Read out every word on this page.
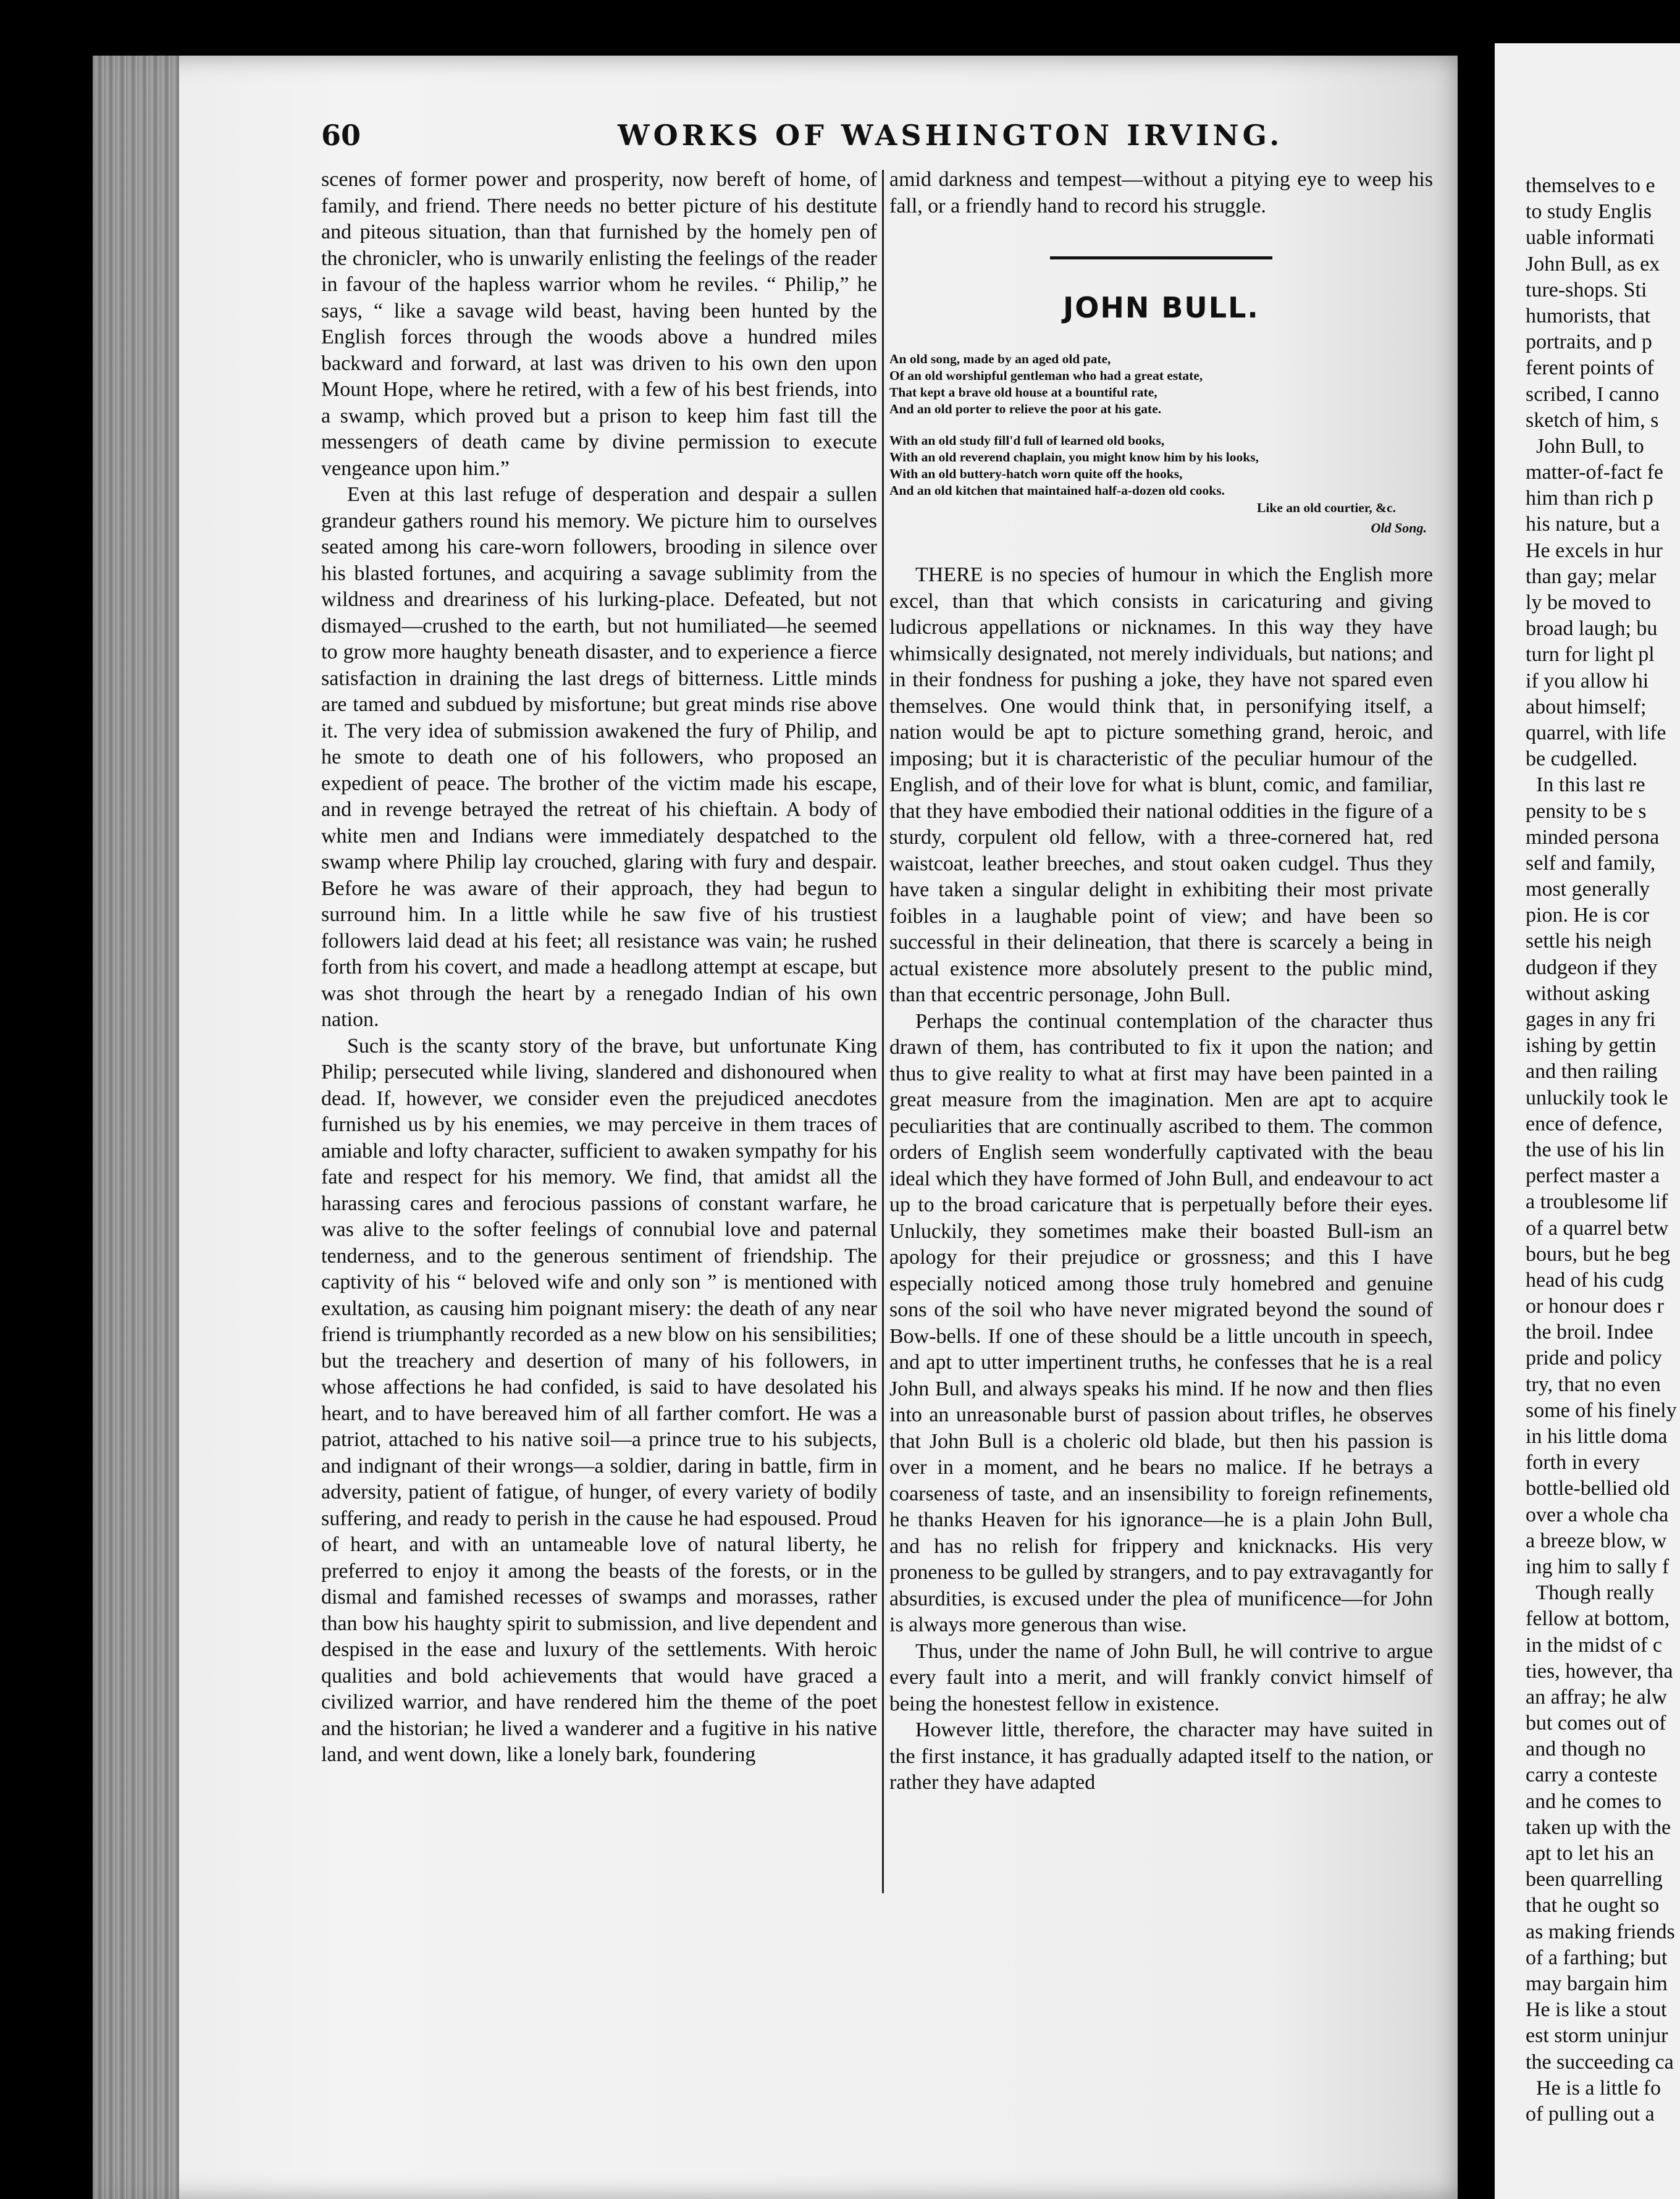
60	WORKS OF WASHINGTON IRVING.

scenes of former power and prosperity, now bereft of home, of family, and friend. There needs no better picture of his destitute and piteous situation, than that furnished by the homely pen of the chronicler, who is unwarily enlisting the feelings of the reader in favour of the hapless warrior whom he reviles. “ Philip,” he says, “ like a savage wild beast, having been hunted by the English forces through the woods above a hundred miles backward and forward, at last was driven to his own den upon Mount Hope, where he retired, with a few of his best friends, into a swamp, which proved but a prison to keep him fast till the messengers of death came by divine permission to execute vengeance upon him.”

Even at this last refuge of desperation and despair a sullen grandeur gathers round his memory. We picture him to ourselves seated among his care-worn followers, brooding in silence over his blasted fortunes, and acquiring a savage sublimity from the wildness and dreariness of his lurking-place. Defeated, but not dismayed—crushed to the earth, but not humiliated—he seemed to grow more haughty beneath disaster, and to experience a fierce satisfaction in draining the last dregs of bitterness. Little minds are tamed and subdued by misfortune; but great minds rise above it. The very idea of submission awakened the fury of Philip, and he smote to death one of his followers, who proposed an expedient of peace. The brother of the victim made his escape, and in revenge betrayed the retreat of his chieftain. A body of white men and Indians were immediately despatched to the swamp where Philip lay crouched, glaring with fury and despair. Before he was aware of their approach, they had begun to surround him. In a little while he saw five of his trustiest followers laid dead at his feet; all resistance was vain; he rushed forth from his covert, and made a headlong attempt at escape, but was shot through the heart by a renegado Indian of his own nation.

Such is the scanty story of the brave, but unfortunate King Philip; persecuted while living, slandered and dishonoured when dead. If, however, we consider even the prejudiced anecdotes furnished us by his enemies, we may perceive in them traces of amiable and lofty character, sufficient to awaken sympathy for his fate and respect for his memory. We find, that amidst all the harassing cares and ferocious passions of constant warfare, he was alive to the softer feelings of connubial love and paternal tenderness, and to the generous sentiment of friendship. The captivity of his “ beloved wife and only son ” is mentioned with exultation, as causing him poignant misery: the death of any near friend is triumphantly recorded as a new blow on his sensibilities; but the treachery and desertion of many of his followers, in whose affections he had confided, is said to have desolated his heart, and to have bereaved him of all farther comfort. He was a patriot, attached to his native soil—a prince true to his subjects, and indignant of their wrongs—a soldier, daring in battle, firm in adversity, patient of fatigue, of hunger, of every variety of bodily suffering, and ready to perish in the cause he had espoused. Proud of heart, and with an untameable love of natural liberty, he preferred to enjoy it among the beasts of the forests, or in the dismal and famished recesses of swamps and morasses, rather than bow his haughty spirit to submission, and live dependent and despised in the ease and luxury of the settlements. With heroic qualities and bold achievements that would have graced a civilized warrior, and have rendered him the theme of the poet and the historian; he lived a wanderer and a fugitive in his native land, and went down, like a lonely bark, foundering

amid darkness and tempest—without a pitying eye to weep his fall, or a friendly hand to record his struggle.

JOHN BULL.

An old song, made by an aged old pate,

Of an old worshipful gentleman who had a great estate,

That kept a brave old house at a bountiful rate,

And an old porter to relieve the poor at his gate.

With an old study fill'd full of learned old books,

With an old reverend chaplain, you might know him by his looks,

With an old buttery-hatch worn quite off the hooks,

And an old kitchen that maintained half-a-dozen old cooks.

Like an old courtier, &c.

Old Song.

THERE is no species of humour in which the English more excel, than that which consists in caricaturing and giving ludicrous appellations or nicknames. In this way they have whimsically designated, not merely individuals, but nations; and in their fondness for pushing a joke, they have not spared even themselves. One would think that, in personifying itself, a nation would be apt to picture something grand, heroic, and imposing; but it is characteristic of the peculiar humour of the English, and of their love for what is blunt, comic, and familiar, that they have embodied their national oddities in the figure of a sturdy, corpulent old fellow, with a three-cornered hat, red waistcoat, leather breeches, and stout oaken cudgel. Thus they have taken a singular delight in exhibiting their most private foibles in a laughable point of view; and have been so successful in their delineation, that there is scarcely a being in actual existence more absolutely present to the public mind, than that eccentric personage, John Bull.

Perhaps the continual contemplation of the character thus drawn of them, has contributed to fix it upon the nation; and thus to give reality to what at first may have been painted in a great measure from the imagination. Men are apt to acquire peculiarities that are continually ascribed to them. The common orders of English seem wonderfully captivated with the beau ideal which they have formed of John Bull, and endeavour to act up to the broad caricature that is perpetually before their eyes. Unluckily, they sometimes make their boasted Bull-ism an apology for their prejudice or grossness; and this I have especially noticed among those truly homebred and genuine sons of the soil who have never migrated beyond the sound of Bow-bells. If one of these should be a little uncouth in speech, and apt to utter impertinent truths, he confesses that he is a real John Bull, and always speaks his mind. If he now and then flies into an unreasonable burst of passion about trifles, he observes that John Bull is a choleric old blade, but then his passion is over in a moment, and he bears no malice. If he betrays a coarseness of taste, and an insensibility to foreign refinements, he thanks Heaven for his ignorance—he is a plain John Bull, and has no relish for frippery and knicknacks. His very proneness to be gulled by strangers, and to pay extravagantly for absurdities, is excused under the plea of munificence—for John is always more generous than wise.

Thus, under the name of John Bull, he will contrive to argue every fault into a merit, and will frankly convict himself of being the honestest fellow in existence.

However little, therefore, the character may have suited in the first instance, it has gradually adapted itself to the nation, or rather they have adapted

themselves to e
to study Englis
uable informati
John Bull, as ex
ture-shops. Sti
humorists, that
portraits, and p
ferent points of
scribed, I canno
sketch of him, s
John Bull, to
matter-of-fact fe
him than rich p
his nature, but a
He excels in hur
than gay; melar
ly be moved to
broad laugh; bu
turn for light pl
if you allow hi
about himself;
quarrel, with life
be cudgelled.
In this last re
pensity to be s
minded persona
self and family,
most generally
pion. He is cor
settle his neigh
dudgeon if they
without asking
gages in any fri
ishing by gettin
and then railing
unluckily took le
ence of defence,
the use of his lin
perfect master a
a troublesome lif
of a quarrel betw
bours, but he beg
head of his cudg
or honour does r
the broil. Indee
pride and policy
try, that no even
some of his finely
in his little doma
forth in every
bottle-bellied old
over a whole cha
a breeze blow, w
ing him to sally f
Though really
fellow at bottom,
in the midst of c
ties, however, tha
an affray; he alw
but comes out of
and though no
carry a conteste
and he comes to
taken up with the
apt to let his an
been quarrelling
that he ought so
as making friends
of a farthing; but
may bargain him
He is like a stout
est storm uninjur
the succeeding ca
He is a little fo
of pulling out a
